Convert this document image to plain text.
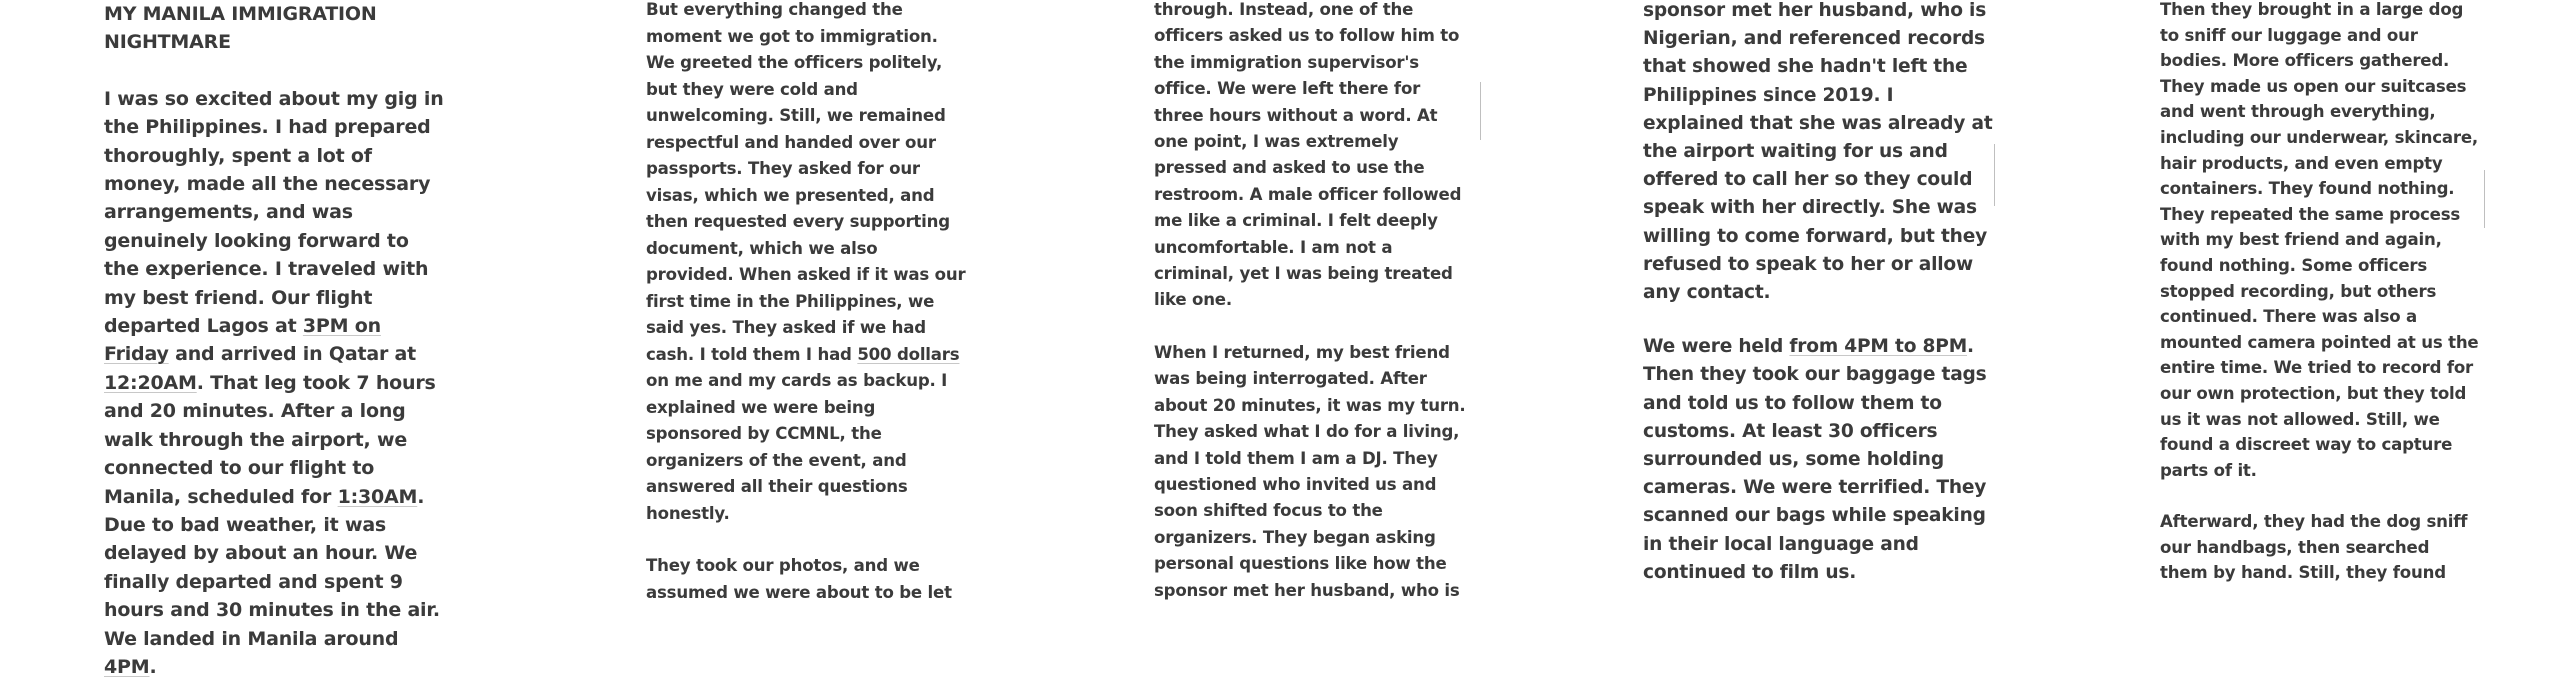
MY MANILA IMMIGRATION NIGHTMARE

I was so excited about my gig in the Philippines. I had prepared thoroughly, spent a lot of money, made all the necessary arrangements, and was genuinely looking forward to the experience. I traveled with my best friend. Our flight departed Lagos at 3PM on Friday and arrived in Qatar at 12:20AM. That leg took 7 hours and 20 minutes. After a long walk through the airport, we connected to our flight to Manila, scheduled for 1:30AM. Due to bad weather, it was delayed by about an hour. We finally departed and spent 9 hours and 30 minutes in the air. We landed in Manila around 4PM.

But everything changed the moment we got to immigration. We greeted the officers politely, but they were cold and unwelcoming. Still, we remained respectful and handed over our passports. They asked for our visas, which we presented, and then requested every supporting document, which we also provided. When asked if it was our first time in the Philippines, we said yes. They asked if we had cash. I told them I had 500 dollars on me and my cards as backup. I explained we were being sponsored by CCMNL, the organizers of the event, and answered all their questions honestly.

They took our photos, and we assumed we were about to be let

through. Instead, one of the officers asked us to follow him to the immigration supervisor's office. We were left there for three hours without a word. At one point, I was extremely pressed and asked to use the restroom. A male officer followed me like a criminal. I felt deeply uncomfortable. I am not a criminal, yet I was being treated like one.

When I returned, my best friend was being interrogated. After about 20 minutes, it was my turn. They asked what I do for a living, and I told them I am a DJ. They questioned who invited us and soon shifted focus to the organizers. They began asking personal questions like how the sponsor met her husband, who is

sponsor met her husband, who is Nigerian, and referenced records that showed she hadn't left the Philippines since 2019. I explained that she was already at the airport waiting for us and offered to call her so they could speak with her directly. She was willing to come forward, but they refused to speak to her or allow any contact.

We were held from 4PM to 8PM. Then they took our baggage tags and told us to follow them to customs. At least 30 officers surrounded us, some holding cameras. We were terrified. They scanned our bags while speaking in their local language and continued to film us.

Then they brought in a large dog to sniff our luggage and our bodies. More officers gathered. They made us open our suitcases and went through everything, including our underwear, skincare, hair products, and even empty containers. They found nothing. They repeated the same process with my best friend and again, found nothing. Some officers stopped recording, but others continued. There was also a mounted camera pointed at us the entire time. We tried to record for our own protection, but they told us it was not allowed. Still, we found a discreet way to capture parts of it.

Afterward, they had the dog sniff our handbags, then searched them by hand. Still, they found
